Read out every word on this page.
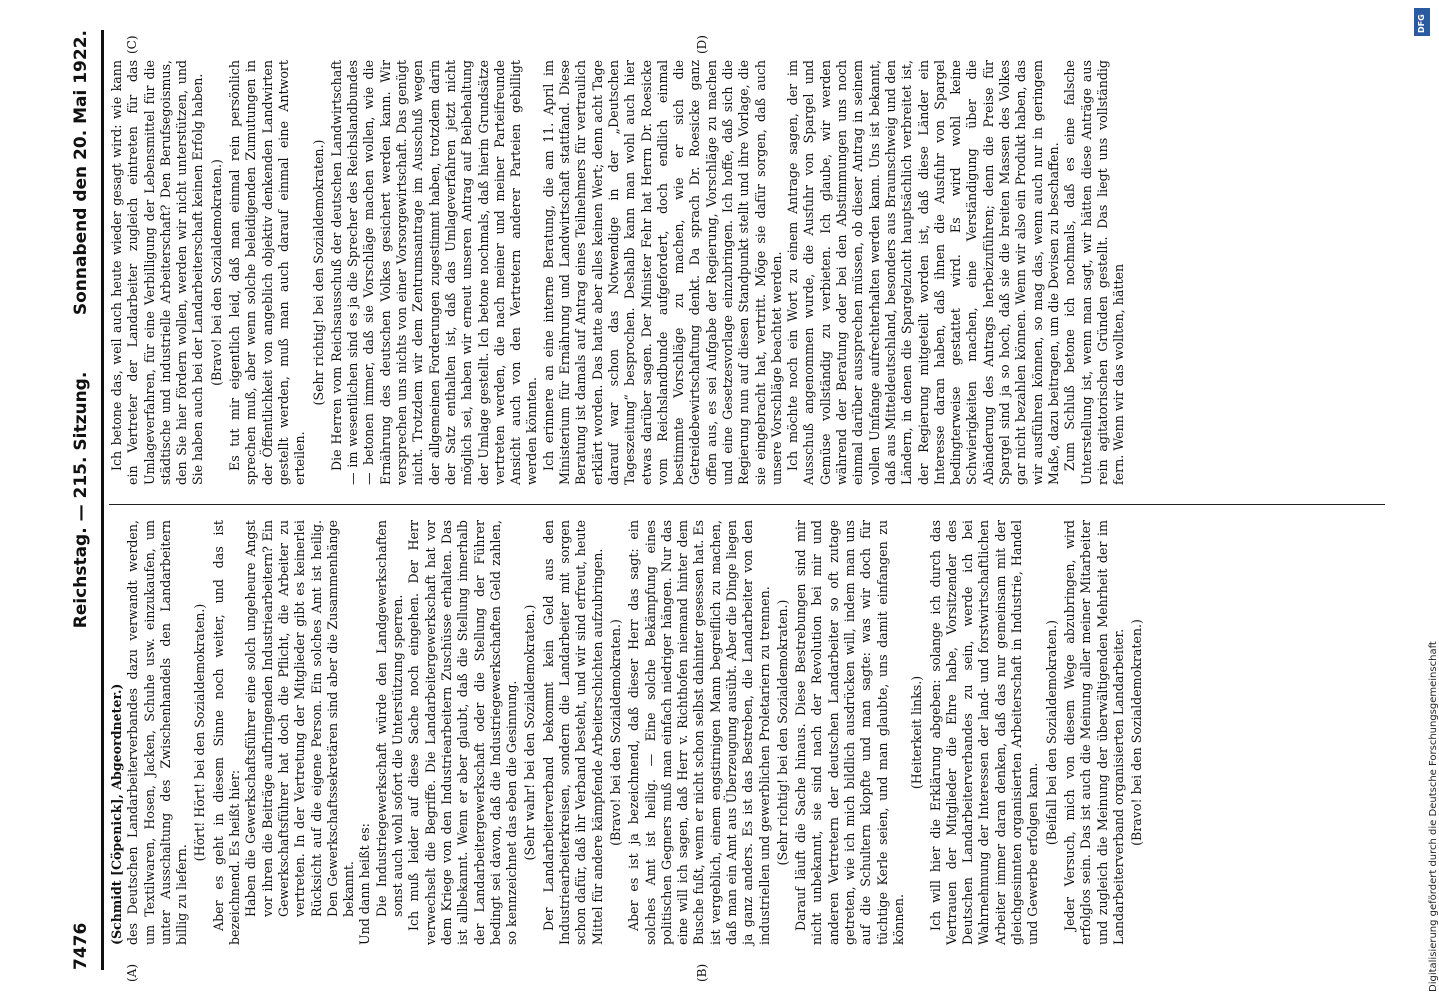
7476
Reichstag. — 215. Sitzung.
Sonnabend den 20. Mai 1922.
(A)	(B)
(C)	(D)

(Schmidt [Cöpenick], Abgeordneter.) des Deutschen Landarbeiterverbandes dazu verwandt werden, um Textilwaren, Hosen, Jacken, Schuhe usw. einzukaufen, um unter Ausschaltung des Zwischenhandels den Landarbeitern billig zu liefern.

(Hört! Hört! bei den Sozialdemokraten.) Aber es geht in diesem Sinne noch weiter, und das ist bezeichnend. Es heißt hier: Haben die Gewerkschaftsführer eine solch ungeheure Angst vor ihren die Beiträge aufbringenden Industriearbeitern? Ein Gewerkschaftsführer hat doch die Pflicht, die Arbeiter zu vertreten. In der Vertretung der Mitglieder gibt es keinerlei Rücksicht auf die eigene Person. Ein solches Amt ist heilig. Den Gewerkschaftssekretären sind aber die Zusammenhänge bekannt. Und dann heißt es: Die Industriegewerkschaft würde den Landgewerkschaften sonst auch wohl sofort die Unterstützung sperren. Ich muß leider auf diese Sache noch eingehen. Der Herr verwechselt die Begriffe. Die Landarbeitergewerkschaft hat vor dem Kriege von den Industriearbeitern Zuschüsse erhalten. Das ist allbekannt. Wenn er aber glaubt, daß die Stellung innerhalb der Landarbeitergewerkschaft oder die Stellung der Führer bedingt sei davon, daß die Industriegewerkschaften Geld zahlen, so kennzeichnet das eben die Gesinnung. (Sehr wahr! bei den Sozialdemokraten.) Der Landarbeiterverband bekommt kein Geld aus den Industriearbeiterkreisen, sondern die Landarbeiter mit sorgen schon dafür, daß ihr Verband besteht, und wir sind erfreut, heute Mittel für andere kämpfende Arbeiterschichten aufzubringen. (Bravo! bei den Sozialdemokraten.) Aber es ist ja bezeichnend, daß dieser Herr das sagt: ein solches Amt ist heilig. — Eine solche Bekämpfung eines politischen Gegners muß man einfach niedriger hängen. Nur das eine will ich sagen, daß Herr v. Richthofen niemand hinter dem Busche fußt, wenn er nicht schon selbst dahinter gesessen hat. Es ist vergeblich, einem engstirnigen Mann begreiflich zu machen, daß man ein Amt aus Überzeugung ausübt. Aber die Dinge liegen ja ganz anders. Es ist das Bestreben, die Landarbeiter von den industriellen und gewerblichen Proletariern zu trennen. (Sehr richtig! bei den Sozialdemokraten.) Darauf läuft die Sache hinaus. Diese Bestrebungen sind mir nicht unbekannt, sie sind nach der Revolution bei mir und anderen Vertretern der deutschen Landarbeiter so oft zutage getreten, wie ich mich bildlich ausdrücken will, indem man uns auf die Schultern klopfte und man sagte: was wir doch für tüchtige Kerle seien, und man glaubte, uns damit einfangen zu können.

(Heiterkeit links.) Ich will hier die Erklärung abgeben: solange ich durch das Vertrauen der Mitglieder die Ehre habe, Vorsitzender des Deutschen Landarbeiterverbandes zu sein, werde ich bei Wahrnehmung der Interessen der land- und forstwirtschaftlichen Arbeiter immer daran denken, daß das nur gemeinsam mit der gleichgesinnten organisierten Arbeiterschaft in Industrie, Handel und Gewerbe erfolgen kann.

(Beifall bei den Sozialdemokraten.) Jeder Versuch, mich von diesem Wege abzubringen, wird erfolglos sein. Das ist auch die Meinung aller meiner Mitarbeiter und zugleich die Meinung der überwältigenden Mehrheit der im Landarbeiterverband organisierten Landarbeiter. (Bravo! bei den Sozialdemokraten.)

Ich betone das, weil auch heute wieder gesagt wird: wie kann ein Vertreter der Landarbeiter zugleich eintreten für das Umlageverfahren, für eine Verbilligung der Lebensmittel für die städtische und industrielle Arbeiterschaft? Den Berufsegoismus, den Sie hier fördern wollen, werden wir nicht unterstützen, und Sie haben auch bei der Landarbeiterschaft keinen Erfolg haben. (Bravo! bei den Sozialdemokraten.) Es tut mir eigentlich leid, daß man einmal rein persönlich sprechen muß, aber wenn solche beleidigenden Zumutungen in der Öffentlichkeit von angeblich objektiv denkenden Landwirten gestellt werden, muß man auch darauf einmal eine Antwort erteilen.

(Sehr richtig! bei den Sozialdemokraten.) Die Herren vom Reichsausschuß der deutschen Landwirtschaft — im wesentlichen sind es ja die Sprecher des Reichslandbundes — betonen immer, daß sie Vorschläge machen wollen, wie die Ernährung des deutschen Volkes gesichert werden kann. Wir versprechen uns nichts von einer Vorsorgewirtschaft. Das genügt nicht. Trotzdem wir dem Zentrumsantrage im Ausschuß wegen der allgemeinen Forderungen zugestimmt haben, trotzdem darin der Satz enthalten ist, daß das Umlageverfahren jetzt nicht möglich sei, haben wir erneut unseren Antrag auf Beibehaltung der Umlage gestellt. Ich betone nochmals, daß hierin Grundsätze vertreten werden, die nach meiner und meiner Parteifreunde Ansicht auch von den Vertretern anderer Parteien gebilligt werden könnten. Ich erinnere an eine interne Beratung, die am 11. April im Ministerium für Ernährung und Landwirtschaft stattfand. Diese Beratung ist damals auf Antrag eines Teilnehmers für vertraulich erklärt worden. Das hatte aber alles keinen Wert; denn acht Tage darauf war schon das Notwendige in der „Deutschen Tageszeitung“ besprochen. Deshalb kann man wohl auch hier etwas darüber sagen. Der Minister Fehr hat Herrn Dr. Roesicke vom Reichslandbunde aufgefordert, doch endlich einmal bestimmte Vorschläge zu machen, wie er sich die Getreidebewirtschaftung denkt. Da sprach Dr. Roesicke ganz offen aus, es sei Aufgabe der Regierung, Vorschläge zu machen und eine Gesetzesvorlage einzubringen. Ich hoffe, daß sich die Regierung nun auf diesen Standpunkt stellt und ihre Vorlage, die sie eingebracht hat, vertritt. Möge sie dafür sorgen, daß auch unsere Vorschläge beachtet werden. Ich möchte noch ein Wort zu einem Antrage sagen, der im Ausschuß angenommen wurde, die Ausfuhr von Spargel und Gemüse vollständig zu verbieten. Ich glaube, wir werden während der Beratung oder bei den Abstimmungen uns noch einmal darüber aussprechen müssen, ob dieser Antrag in seinem vollen Umfange aufrechterhalten werden kann. Uns ist bekannt, daß aus Mitteldeutschland, besonders aus Braunschweig und den Ländern, in denen die Spargelzucht hauptsächlich verbreitet ist, der Regierung mitgeteilt worden ist, daß diese Länder ein Interesse daran haben, daß ihnen die Ausfuhr von Spargel bedingterweise gestattet wird. Es wird wohl keine Schwierigkeiten machen, eine Verständigung über die Abänderung des Antrags herbeizuführen; denn die Preise für Spargel sind ja so hoch, daß sie die breiten Massen des Volkes gar nicht bezahlen können. Wenn wir also ein Produkt haben, das wir ausführen können, so mag das, wenn auch nur in geringem Maße, dazu beitragen, um die Devisen zu beschaffen. Zum Schluß betone ich nochmals, daß es eine falsche Unterstellung ist, wenn man sagt, wir hätten diese Anträge aus rein agitatorischen Gründen gestellt. Das liegt uns vollständig fern. Wenn wir das wollten, hätten

DFG
Digitalisierung gefördert durch die Deutsche Forschungsgemeinschaft
